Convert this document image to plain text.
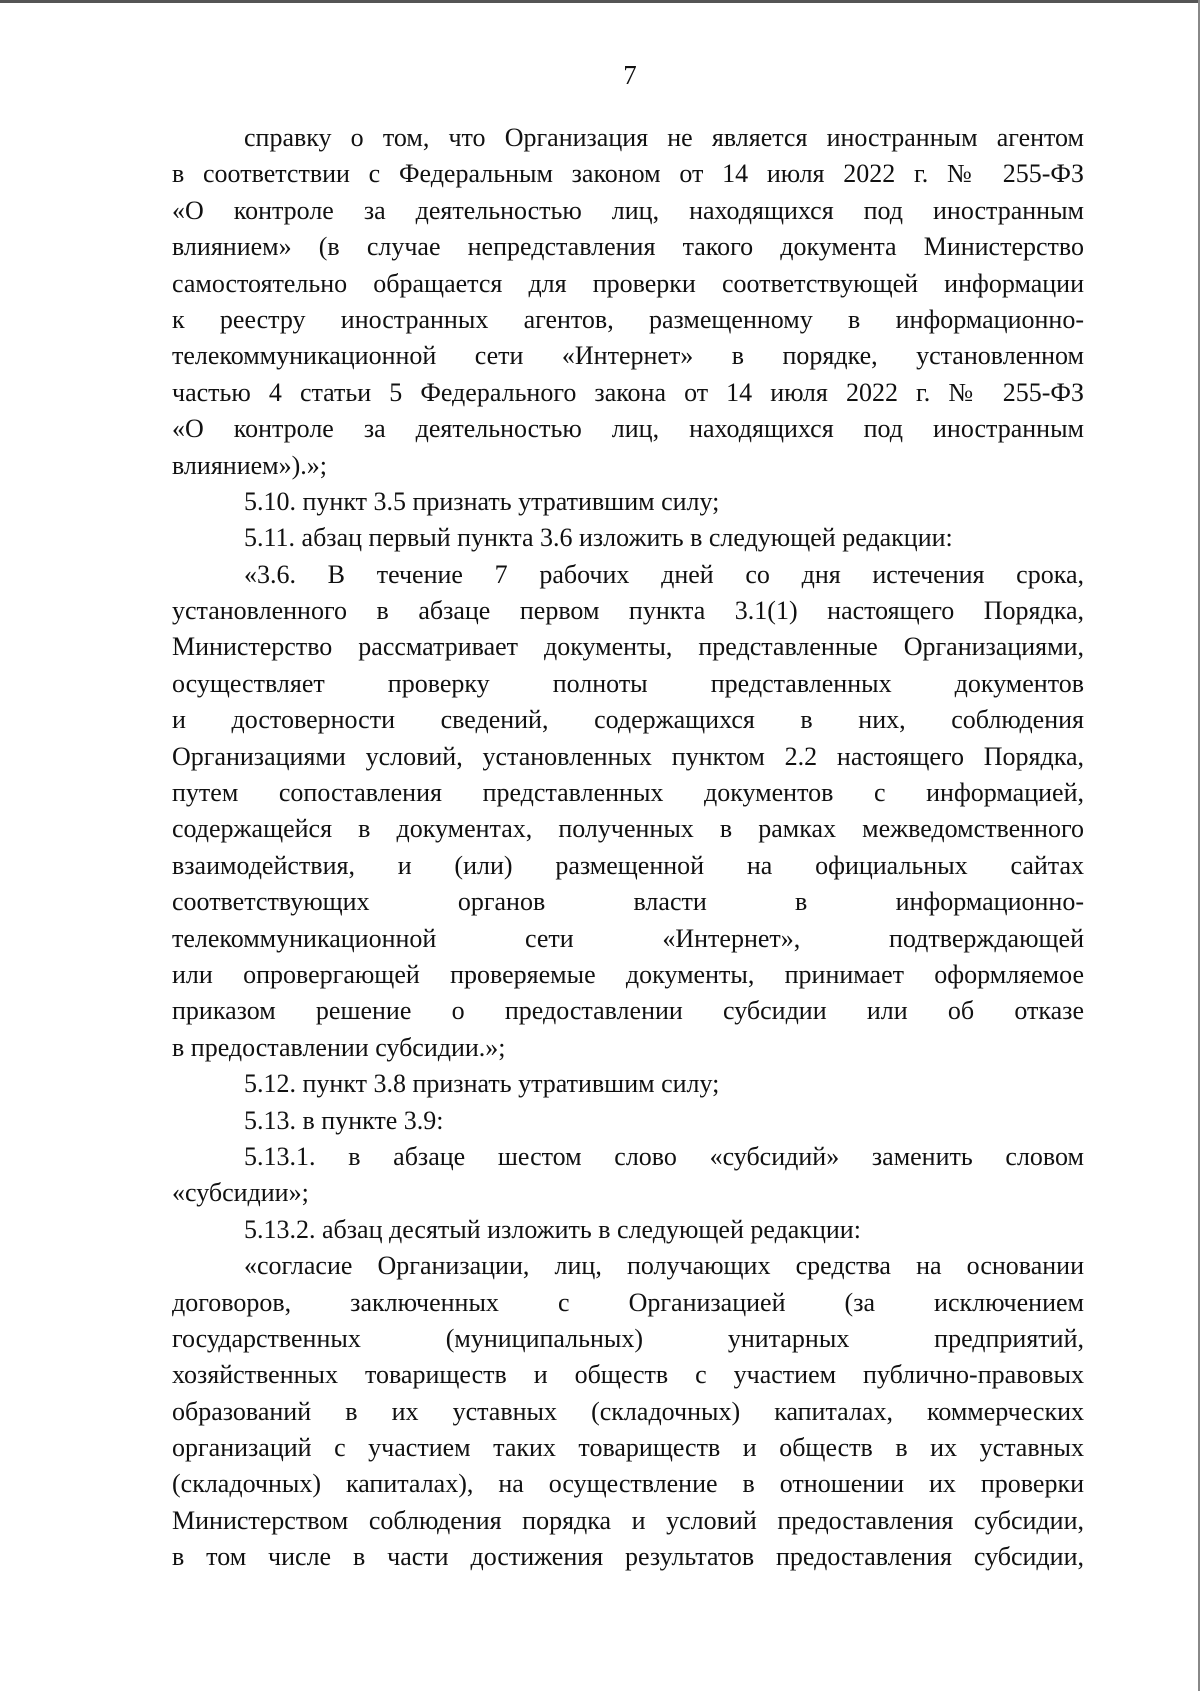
7
справку о том, что Организация не является иностранным агентом
в соответствии с Федеральным законом от 14 июля 2022 г. № 255-ФЗ
«О контроле за деятельностью лиц, находящихся под иностранным
влиянием» (в случае непредставления такого документа Министерство
самостоятельно обращается для проверки соответствующей информации
к реестру иностранных агентов, размещенному в информационно-
телекоммуникационной сети «Интернет» в порядке, установленном
частью 4 статьи 5 Федерального закона от 14 июля 2022 г. № 255-ФЗ
«О контроле за деятельностью лиц, находящихся под иностранным
влиянием»).»;
5.10. пункт 3.5 признать утратившим силу;
5.11. абзац первый пункта 3.6 изложить в следующей редакции:
«3.6. В течение 7 рабочих дней со дня истечения срока,
установленного в абзаце первом пункта 3.1(1) настоящего Порядка,
Министерство рассматривает документы, представленные Организациями,
осуществляет проверку полноты представленных документов
и достоверности сведений, содержащихся в них, соблюдения
Организациями условий, установленных пунктом 2.2 настоящего Порядка,
путем сопоставления представленных документов с информацией,
содержащейся в документах, полученных в рамках межведомственного
взаимодействия, и (или) размещенной на официальных сайтах
соответствующих органов власти в информационно-
телекоммуникационной сети «Интернет», подтверждающей
или опровергающей проверяемые документы, принимает оформляемое
приказом решение о предоставлении субсидии или об отказе
в предоставлении субсидии.»;
5.12. пункт 3.8 признать утратившим силу;
5.13. в пункте 3.9:
5.13.1. в абзаце шестом слово «субсидий» заменить словом
«субсидии»;
5.13.2. абзац десятый изложить в следующей редакции:
«согласие Организации, лиц, получающих средства на основании
договоров, заключенных с Организацией (за исключением
государственных (муниципальных) унитарных предприятий,
хозяйственных товариществ и обществ с участием публично-правовых
образований в их уставных (складочных) капиталах, коммерческих
организаций с участием таких товариществ и обществ в их уставных
(складочных) капиталах), на осуществление в отношении их проверки
Министерством соблюдения порядка и условий предоставления субсидии,
в том числе в части достижения результатов предоставления субсидии,
